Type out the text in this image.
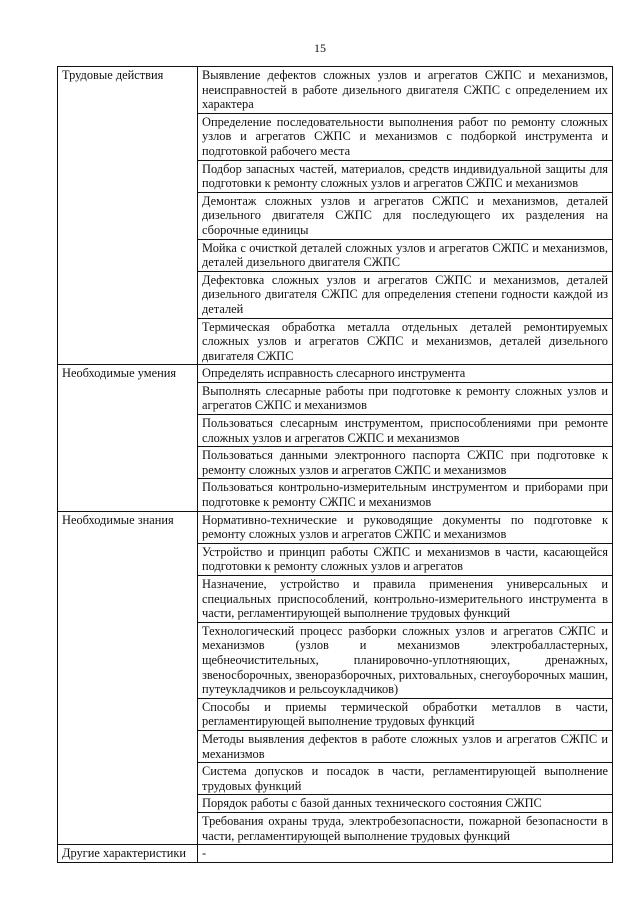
15
Трудовые действия	Выявление дефектов сложных узлов и агрегатов СЖПС и механизмов, неисправностей в работе дизельного двигателя СЖПС с определением их характера
	Определение последовательности выполнения работ по ремонту сложных узлов и агрегатов СЖПС и механизмов с подборкой инструмента и подготовкой рабочего места
	Подбор запасных частей, материалов, средств индивидуальной защиты для подготовки к ремонту сложных узлов и агрегатов СЖПС и механизмов
	Демонтаж сложных узлов и агрегатов СЖПС и механизмов, деталей дизельного двигателя СЖПС для последующего их разделения на сборочные единицы
	Мойка с очисткой деталей сложных узлов и агрегатов СЖПС и механизмов, деталей дизельного двигателя СЖПС
	Дефектовка сложных узлов и агрегатов СЖПС и механизмов, деталей дизельного двигателя СЖПС для определения степени годности каждой из деталей
	Термическая обработка металла отдельных деталей ремонтируемых сложных узлов и агрегатов СЖПС и механизмов, деталей дизельного двигателя СЖПС
Необходимые умения	Определять исправность слесарного инструмента
	Выполнять слесарные работы при подготовке к ремонту сложных узлов и агрегатов СЖПС и механизмов
	Пользоваться слесарным инструментом, приспособлениями при ремонте сложных узлов и агрегатов СЖПС и механизмов
	Пользоваться данными электронного паспорта СЖПС при подготовке к ремонту сложных узлов и агрегатов СЖПС и механизмов
	Пользоваться контрольно-измерительным инструментом и приборами при подготовке к ремонту СЖПС и механизмов
Необходимые знания	Нормативно-технические и руководящие документы по подготовке к ремонту сложных узлов и агрегатов СЖПС и механизмов
	Устройство и принцип работы СЖПС и механизмов в части, касающейся подготовки к ремонту сложных узлов и агрегатов
	Назначение, устройство и правила применения универсальных и специальных приспособлений, контрольно-измерительного инструмента в части, регламентирующей выполнение трудовых функций
	Технологический процесс разборки сложных узлов и агрегатов СЖПС и механизмов (узлов и механизмов электробалластерных, щебнеочистительных, планировочно-уплотняющих, дренажных, звеносборочных, звеноразборочных, рихтовальных, снегоуборочных машин, путеукладчиков и рельсоукладчиков)
	Способы и приемы термической обработки металлов в части, регламентирующей выполнение трудовых функций
	Методы выявления дефектов в работе сложных узлов и агрегатов СЖПС и механизмов
	Система допусков и посадок в части, регламентирующей выполнение трудовых функций
	Порядок работы с базой данных технического состояния СЖПС
	Требования охраны труда, электробезопасности, пожарной безопасности в части, регламентирующей выполнение трудовых функций
Другие характеристики	-
